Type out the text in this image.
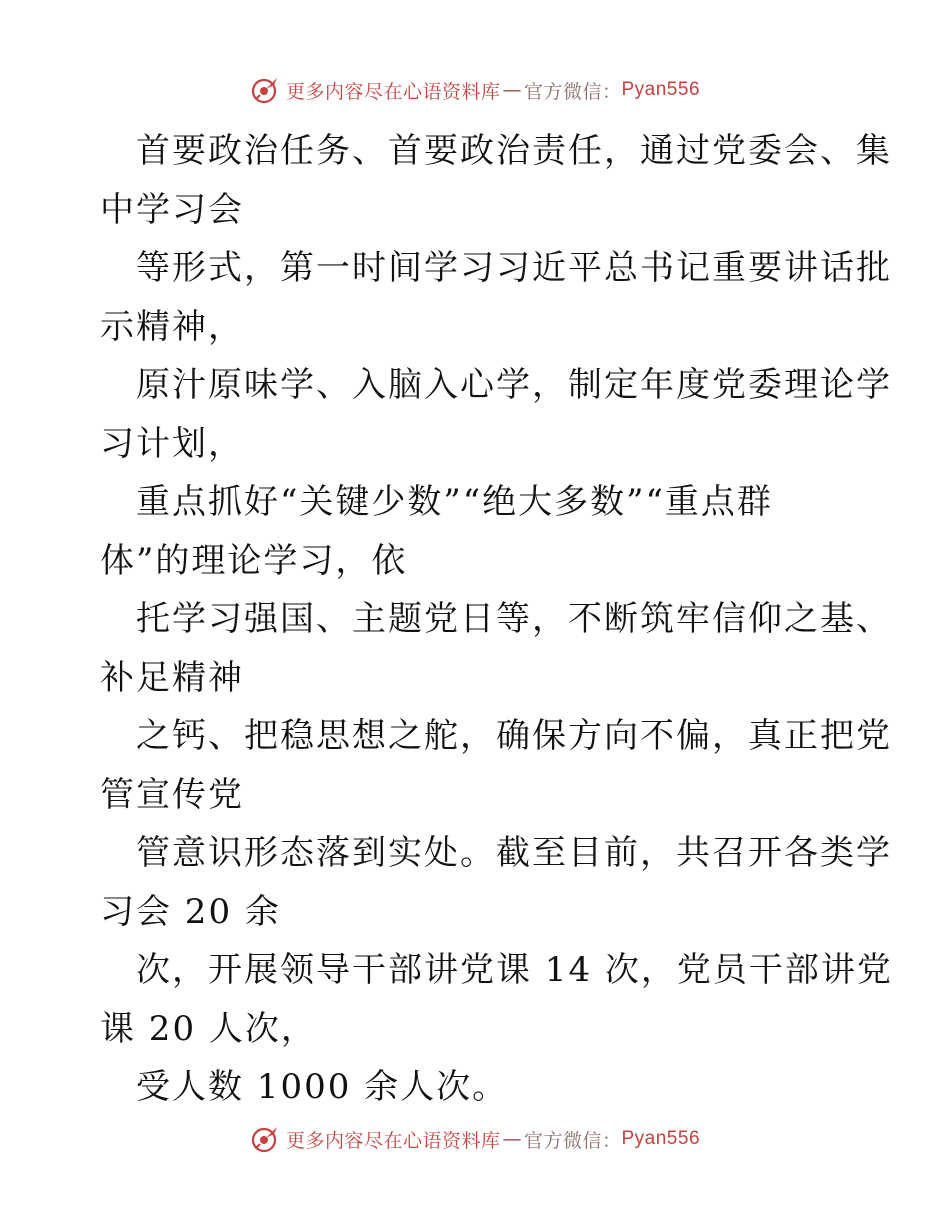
更多内容尽在心语资料库 — 官方微信： Pyan556
首要政治任务、首要政治责任，通过党委会、集
中学习会
等形式，第一时间学习习近平总书记重要讲话批
示精神，
原汁原味学、入脑入心学，制定年度党委理论学
习计划，
重点抓好“关键少数”“绝大多数”“重点群
体”的理论学习，依
托学习强国、主题党日等，不断筑牢信仰之基、
补足精神
之钙、把稳思想之舵，确保方向不偏，真正把党
管宣传党
管意识形态落到实处。截至目前，共召开各类学
习会 20 余
次，开展领导干部讲党课 14 次，党员干部讲党
课 20 人次，
受人数 1000 余人次。
更多内容尽在心语资料库 — 官方微信： Pyan556
